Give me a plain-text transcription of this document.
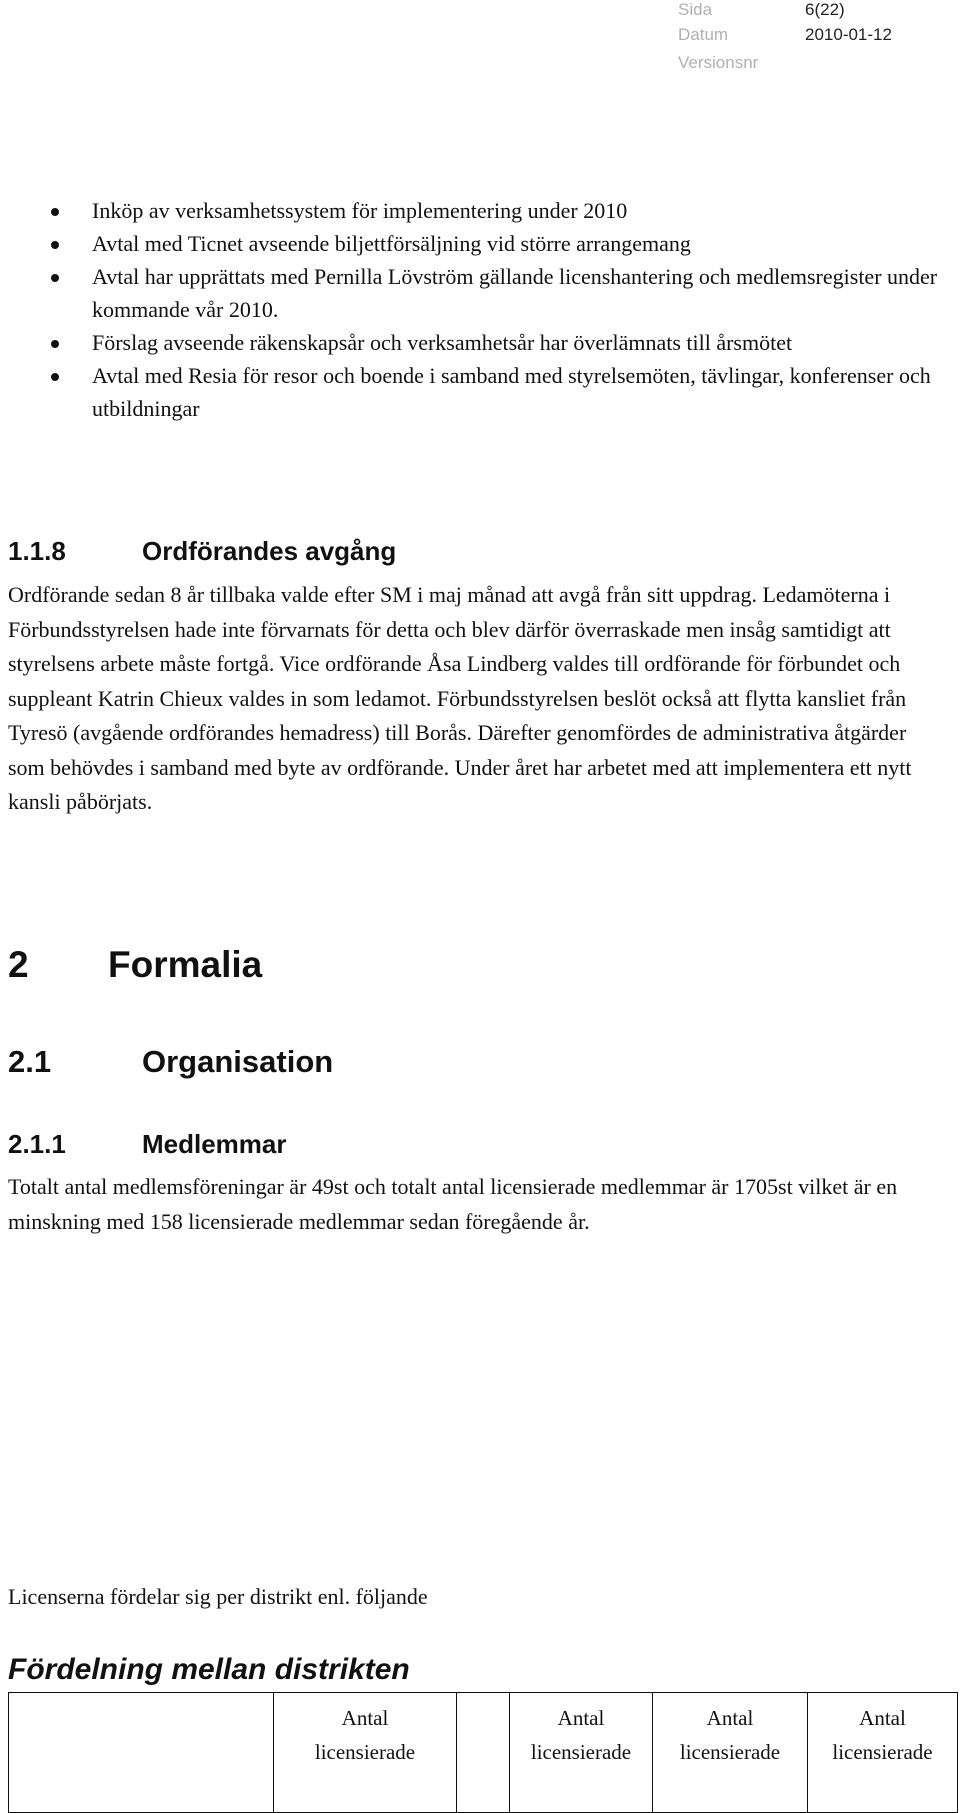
Sida	6(22)
Datum	2010-01-12
Versionsnr
Inköp av verksamhetssystem för implementering under 2010
Avtal med Ticnet avseende biljettförsäljning vid större arrangemang
Avtal har upprättats med Pernilla Lövström gällande licenshantering och medlemsregister under kommande vår 2010.
Förslag avseende räkenskapsår och verksamhetsår har överlämnats till årsmötet
Avtal med Resia för resor och boende i samband med styrelsemöten, tävlingar, konferenser och utbildningar
1.1.8	Ordförandes avgång

Ordförande sedan 8 år tillbaka valde efter SM i maj månad att avgå från sitt uppdrag. Ledamöterna i Förbundsstyrelsen hade inte förvarnats för detta och blev därför överraskade men insåg samtidigt att styrelsens arbete måste fortgå. Vice ordförande Åsa Lindberg valdes till ordförande för förbundet och suppleant Katrin Chieux valdes in som ledamot. Förbundsstyrelsen beslöt också att flytta kansliet från Tyresö (avgående ordförandes hemadress) till Borås. Därefter genomfördes de administrativa åtgärder som behövdes i samband med byte av ordförande. Under året har arbetet med att implementera ett nytt kansli påbörjats.

2 Formalia
2.1	Organisation
2.1.1	Medlemmar

Totalt antal medlemsföreningar är 49st och totalt antal licensierade medlemmar är 1705st vilket är en minskning med 158 licensierade medlemmar sedan föregående år.

Licenserna fördelar sig per distrikt enl. följande

Fördelning mellan distrikten
	Antal
licensierade		Antal
licensierade	Antal
licensierade	Antal
licensierade
